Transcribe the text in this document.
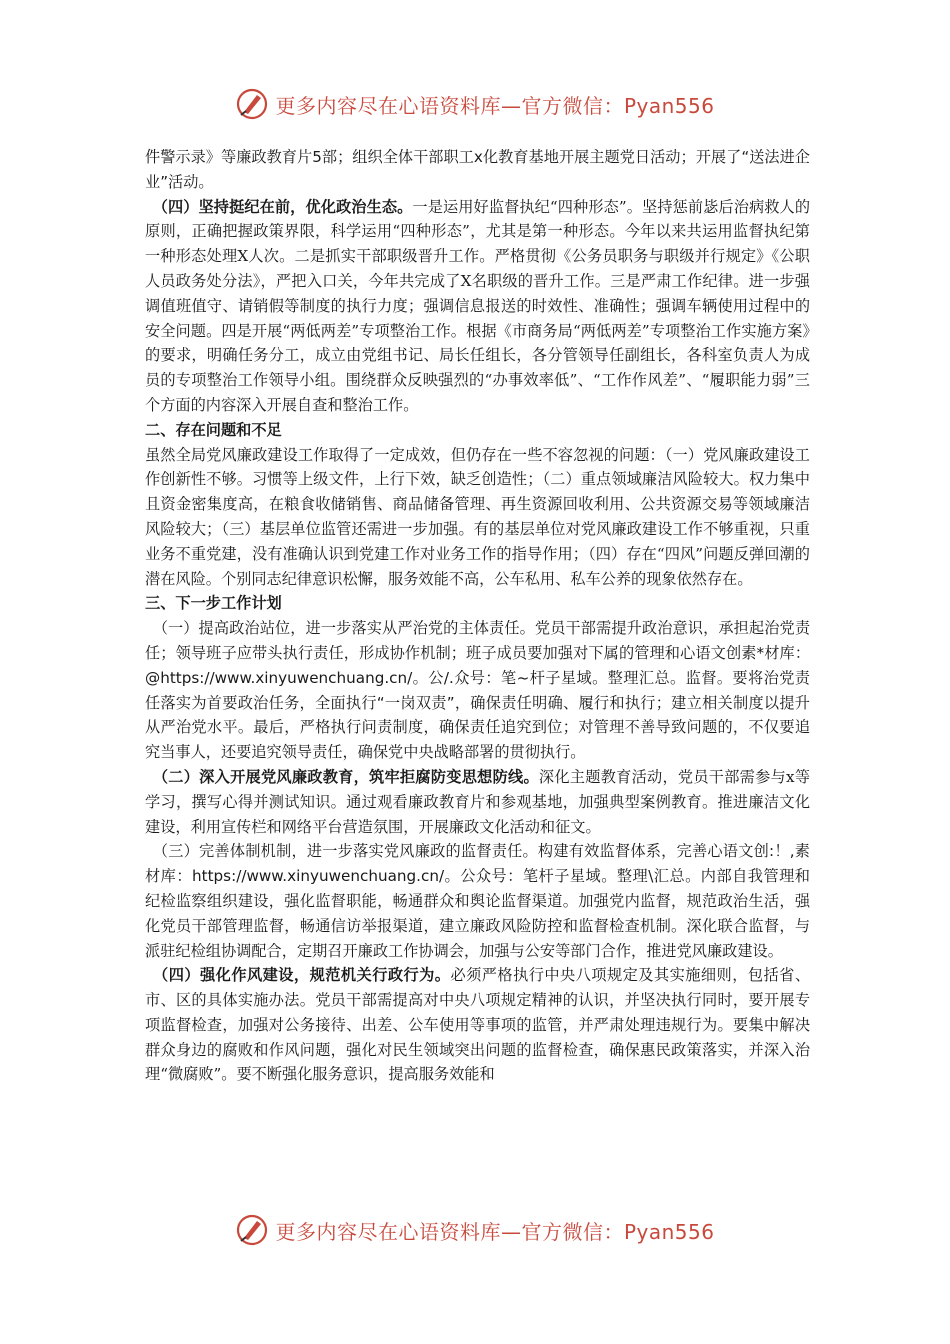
更多内容尽在心语资料库—官方微信：Pyan556

件警示录》等廉政教育片5部；组织全体干部职工x化教育基地开展主题党日活动；开展了“送法进企业”活动。

　（四）坚持挺纪在前，优化政治生态。一是运用好监督执纪“四种形态”。坚持惩前毖后治病救人的原则，正确把握政策界限，科学运用“四种形态”，尤其是第一种形态。今年以来共运用监督执纪第一种形态处理X人次。二是抓实干部职级晋升工作。严格贯彻《公务员职务与职级并行规定》《公职人员政务处分法》，严把入口关，今年共完成了X名职级的晋升工作。三是严肃工作纪律。进一步强调值班值守、请销假等制度的执行力度；强调信息报送的时效性、准确性；强调车辆使用过程中的安全问题。四是开展“两低两差”专项整治工作。根据《市商务局“两低两差”专项整治工作实施方案》的要求，明确任务分工，成立由党组书记、局长任组长，各分管领导任副组长，各科室负责人为成员的专项整治工作领导小组。围绕群众反映强烈的“办事效率低”、“工作作风差”、“履职能力弱”三个方面的内容深入开展自查和整治工作。

二、存在问题和不足

虽然全局党风廉政建设工作取得了一定成效，但仍存在一些不容忽视的问题：（一）党风廉政建设工作创新性不够。习惯等上级文件，上行下效，缺乏创造性；（二）重点领域廉洁风险较大。权力集中且资金密集度高，在粮食收储销售、商品储备管理、再生资源回收利用、公共资源交易等领域廉洁风险较大；（三）基层单位监管还需进一步加强。有的基层单位对党风廉政建设工作不够重视，只重业务不重党建，没有准确认识到党建工作对业务工作的指导作用；（四）存在“四风”问题反弹回潮的潜在风险。个别同志纪律意识松懈，服务效能不高，公车私用、私车公养的现象依然存在。

三、下一步工作计划

　（一）提高政治站位，进一步落实从严治党的主体责任。党员干部需提升政治意识，承担起治党责任；领导班子应带头执行责任，形成协作机制；班子成员要加强对下属的管理和心语文创素*材库：@https://www.xinyuwenchuang.cn/。公/.众号：笔~杆子星域。整理汇总。监督。要将治党责任落实为首要政治任务，全面执行“一岗双责”，确保责任明确、履行和执行；建立相关制度以提升从严治党水平。最后，严格执行问责制度，确保责任追究到位；对管理不善导致问题的，不仅要追究当事人，还要追究领导责任，确保党中央战略部署的贯彻执行。

　（二）深入开展党风廉政教育，筑牢拒腐防变思想防线。深化主题教育活动，党员干部需参与x等学习，撰写心得并测试知识。通过观看廉政教育片和参观基地，加强典型案例教育。推进廉洁文化建设，利用宣传栏和网络平台营造氛围，开展廉政文化活动和征文。

　（三）完善体制机制，进一步落实党风廉政的监督责任。构建有效监督体系，完善心语文创:！,素材库：https://www.xinyuwenchuang.cn/。公众号：笔杆子星域。整理\汇总。内部自我管理和纪检监察组织建设，强化监督职能，畅通群众和舆论监督渠道。加强党内监督，规范政治生活，强化党员干部管理监督，畅通信访举报渠道，建立廉政风险防控和监督检查机制。深化联合监督，与派驻纪检组协调配合，定期召开廉政工作协调会，加强与公安等部门合作，推进党风廉政建设。

　（四）强化作风建设，规范机关行政行为。必须严格执行中央八项规定及其实施细则，包括省、市、区的具体实施办法。党员干部需提高对中央八项规定精神的认识，并坚决执行同时，要开展专项监督检查，加强对公务接待、出差、公车使用等事项的监管，并严肃处理违规行为。要集中解决群众身边的腐败和作风问题，强化对民生领域突出问题的监督检查，确保惠民政策落实，并深入治理“微腐败”。要不断强化服务意识，提高服务效能和

更多内容尽在心语资料库—官方微信：Pyan556
